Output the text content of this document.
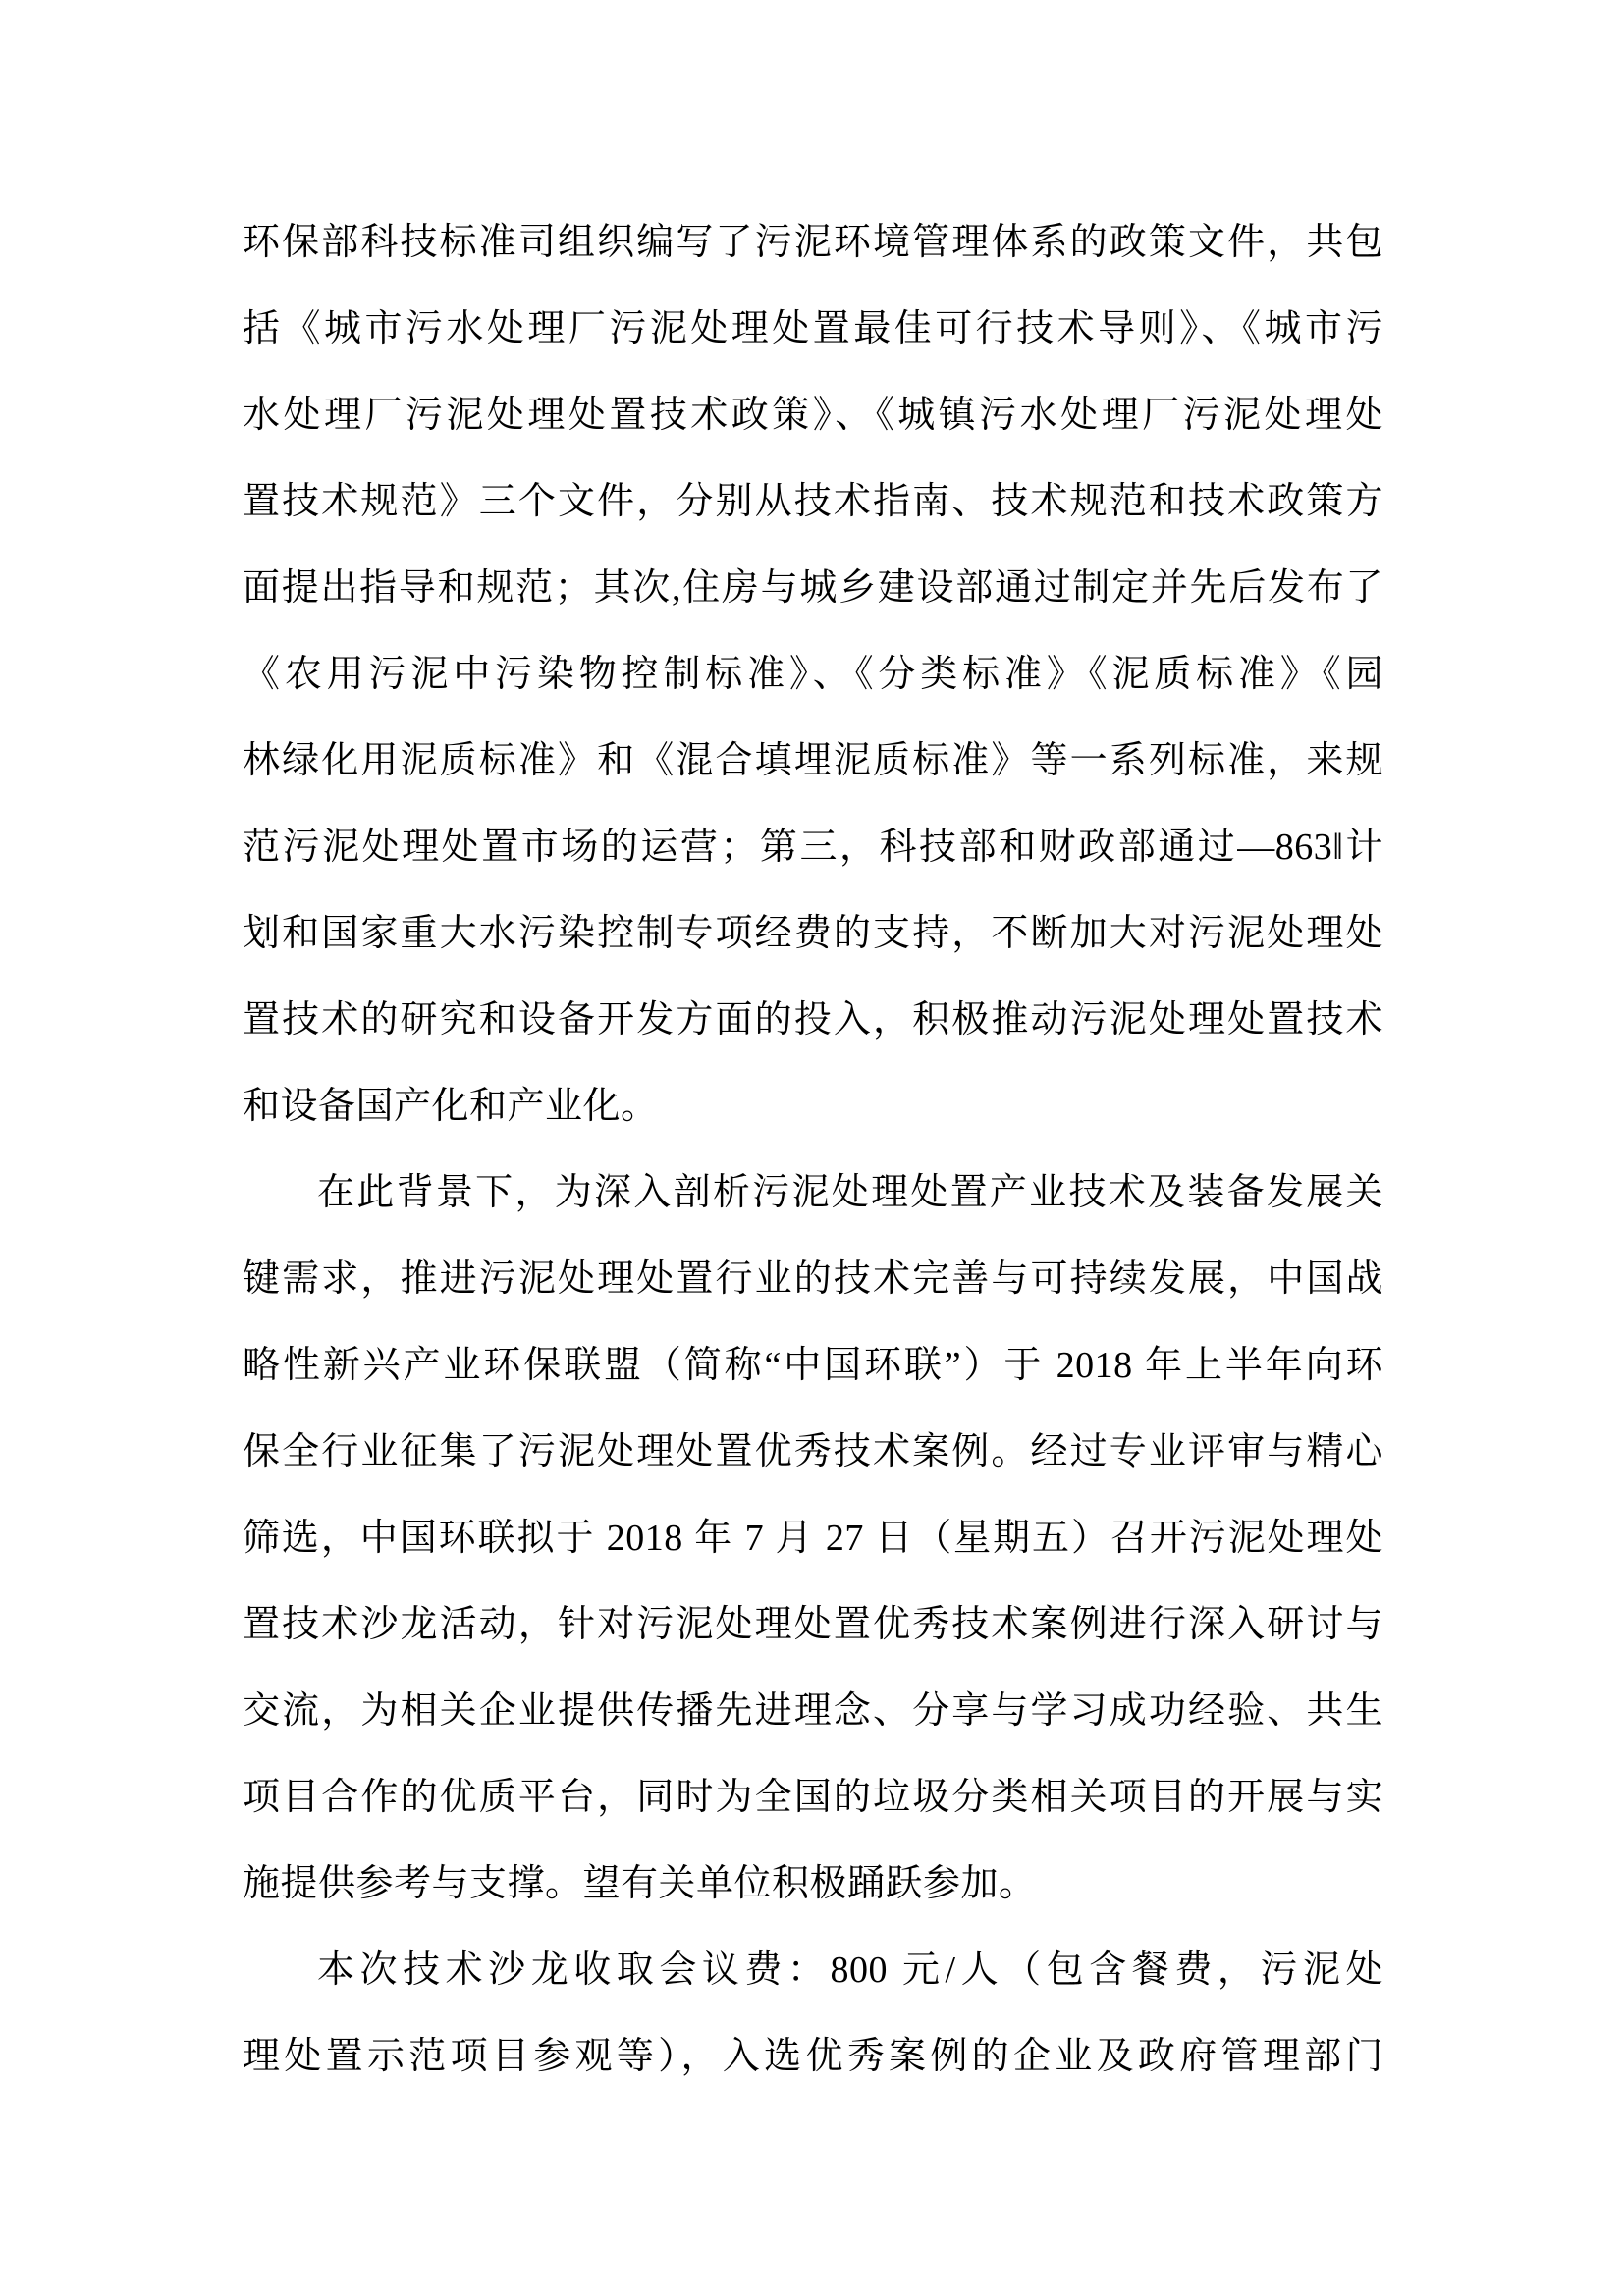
环保部科技标准司组织编写了污泥环境管理体系的政策文件，共包
括《城市污水处理厂污泥处理处置最佳可行技术导则》、《城市污
水处理厂污泥处理处置技术政策》、《城镇污水处理厂污泥处理处
置技术规范》三个文件，分别从技术指南、技术规范和技术政策方
面提出指导和规范；其次,住房与城乡建设部通过制定并先后发布了
《农用污泥中污染物控制标准》、《分类标准》《泥质标准》《园
林绿化用泥质标准》和《混合填埋泥质标准》等一系列标准，来规
范污泥处理处置市场的运营；第三，科技部和财政部通过—863‖计
划和国家重大水污染控制专项经费的支持，不断加大对污泥处理处
置技术的研究和设备开发方面的投入，积极推动污泥处理处置技术
和设备国产化和产业化。
在此背景下，为深入剖析污泥处理处置产业技术及装备发展关
键需求，推进污泥处理处置行业的技术完善与可持续发展，中国战
略性新兴产业环保联盟（简称“中国环联”）于 2018 年上半年向环
保全行业征集了污泥处理处置优秀技术案例。经过专业评审与精心
筛选，中国环联拟于 2018 年 7 月 27 日（星期五）召开污泥处理处
置技术沙龙活动，针对污泥处理处置优秀技术案例进行深入研讨与
交流，为相关企业提供传播先进理念、分享与学习成功经验、共生
项目合作的优质平台，同时为全国的垃圾分类相关项目的开展与实
施提供参考与支撑。望有关单位积极踊跃参加。
本次技术沙龙收取会议费：800 元/人（包含餐费，污泥处
理处置示范项目参观等），入选优秀案例的企业及政府管理部门
